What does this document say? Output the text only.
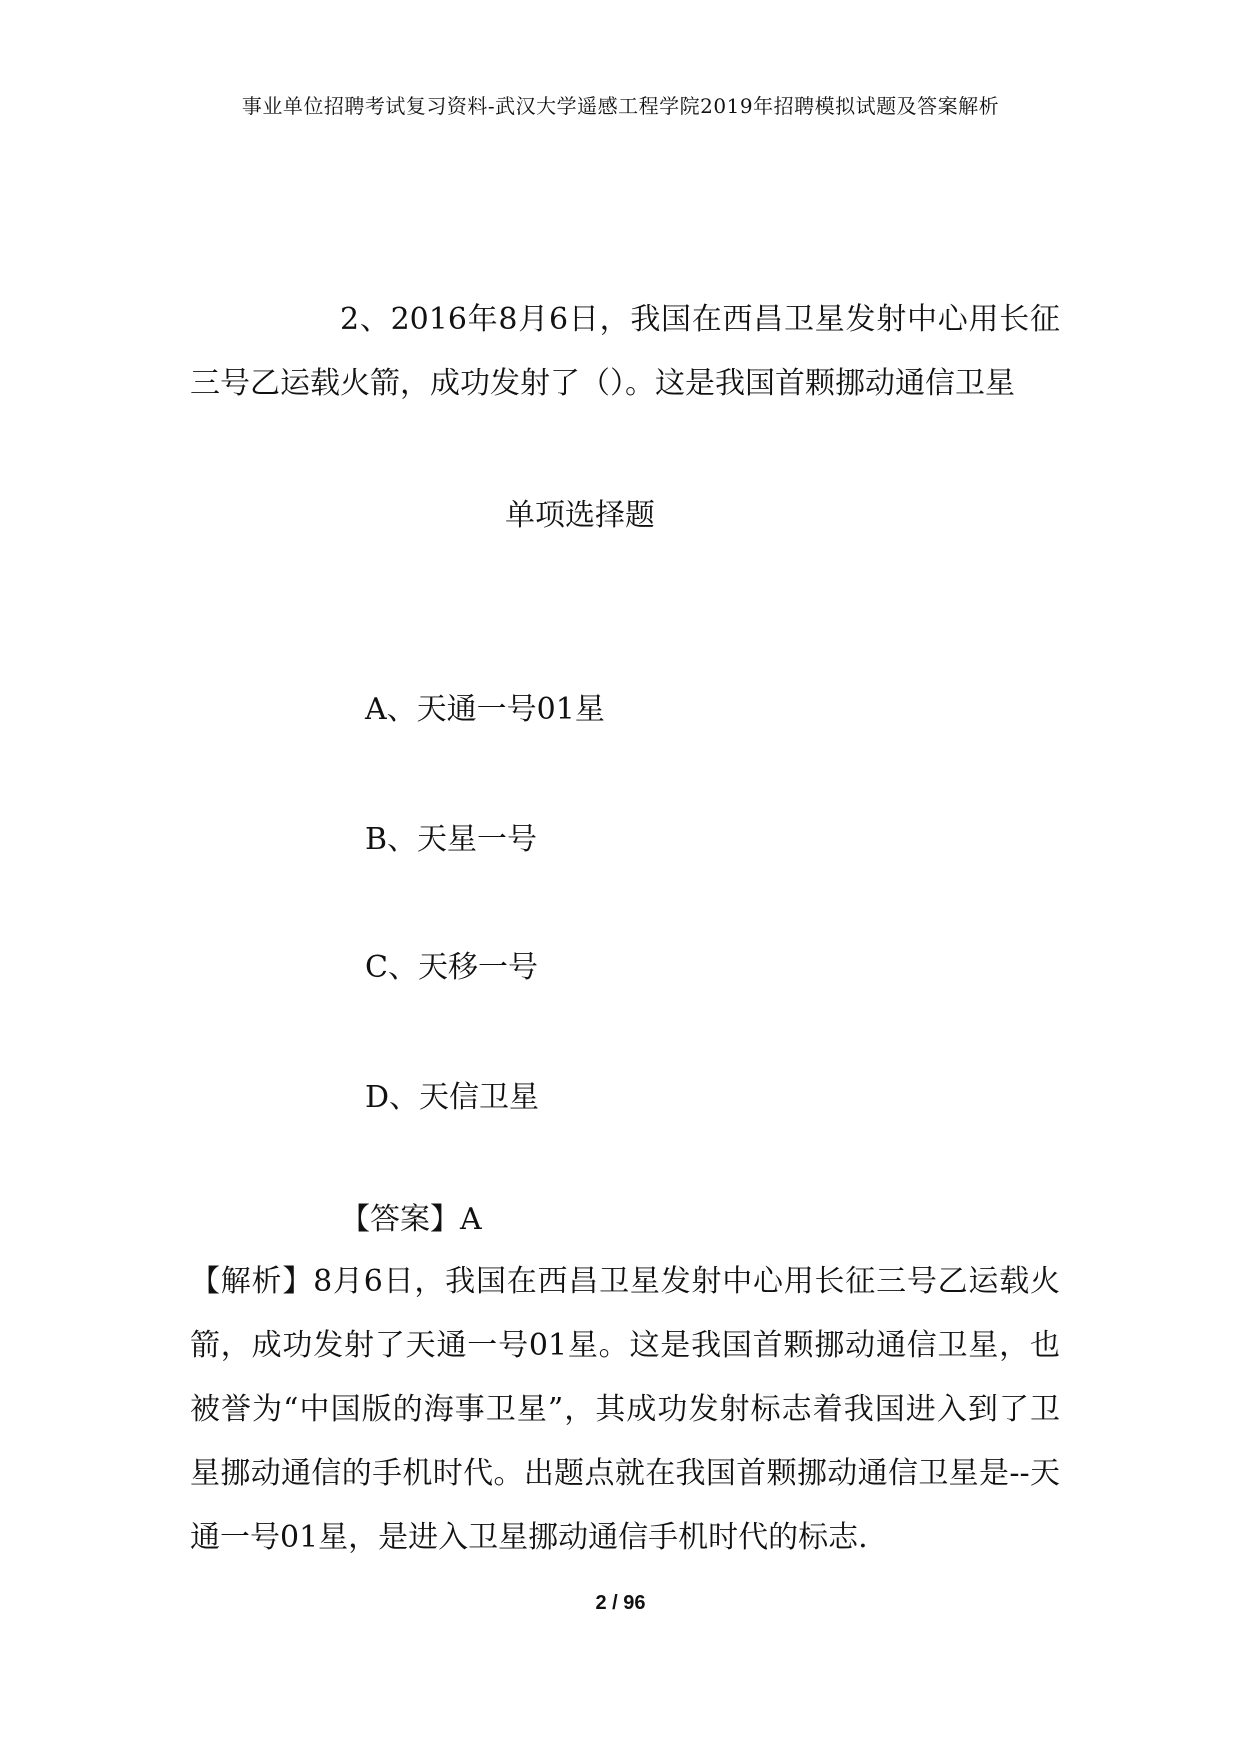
事业单位招聘考试复习资料-武汉大学遥感工程学院2019年招聘模拟试题及答案解析

2、2016年8月6日，我国在西昌卫星发射中心用长征三号乙运载火箭，成功发射了（）。这是我国首颗挪动通信卫星

单项选择题
A、天通一号01星
B、天星一号
C、天移一号
D、天信卫星
【答案】A

【解析】8月6日，我国在西昌卫星发射中心用长征三号乙运载火箭，成功发射了天通一号01星。这是我国首颗挪动通信卫星，也被誉为“中国版的海事卫星”，其成功发射标志着我国进入到了卫星挪动通信的手机时代。出题点就在我国首颗挪动通信卫星是--天通一号01星，是进入卫星挪动通信手机时代的标志.

2 / 96
